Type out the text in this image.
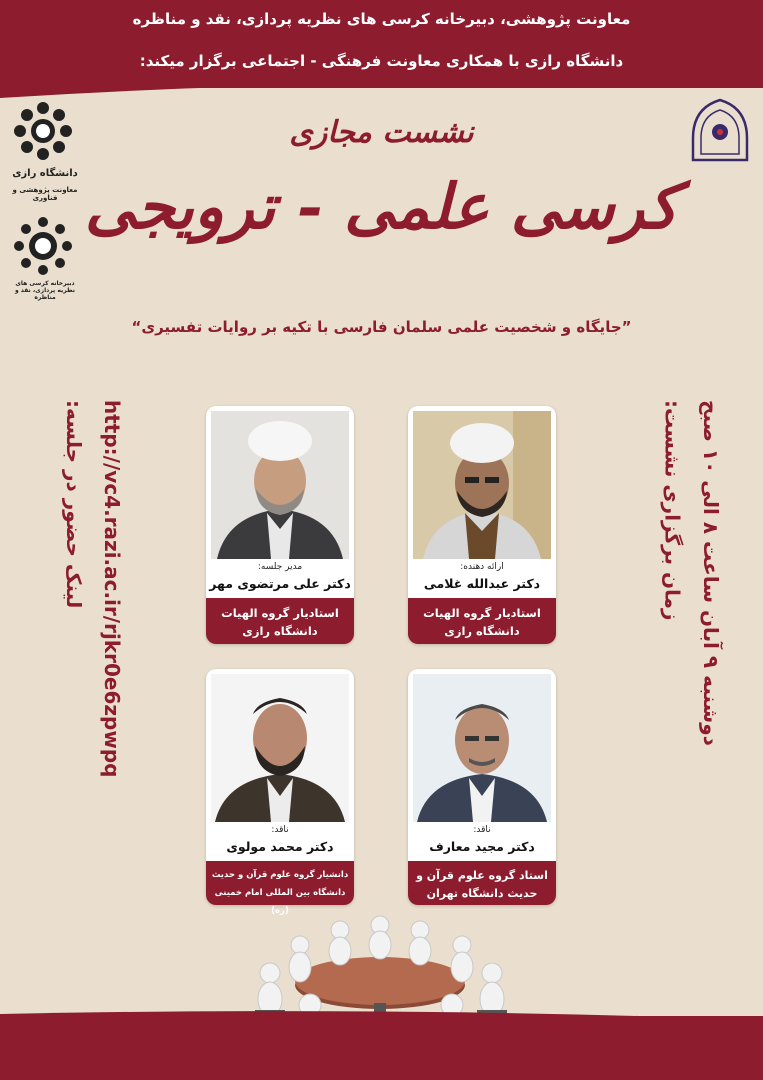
معاونت پژوهشی، دبیرخانه کرسی های نظریه پردازی، نقد و مناظره
دانشگاه رازی با همکاری معاونت فرهنگی - اجتماعی برگزار میکند:
دانشگاه رازی
معاونت پژوهشی و فناوری
دبیرخانه کرسی های نظریه پردازی، نقد و مناظره
نشست مجازی
کرسی علمی - ترویجی
”جایگاه و شخصیت علمی سلمان فارسی با تکیه بر روایات تفسیری“
زمان برگزاری نشست: دوشنبه ۹ آبان ساعت ۸ الی ۱۰ صبح
لینک حضور در جلسه: http://vc4.razi.ac.ir/rjkr0e6zpwpq	ارائه دهنده:
دکتر عبدالله غلامی
استادیار گروه الهیات دانشگاه رازی
مدیر جلسه:
دکتر علی مرتضوی مهر
استادیار گروه الهیات دانشگاه رازی
ناقد:
دکتر مجید معارف
استاد گروه علوم قرآن و حدیث دانشگاه تهران
ناقد:
دکتر محمد مولوی
دانشیار گروه علوم قرآن و حدیث دانشگاه بین المللی امام خمینی (ره)
